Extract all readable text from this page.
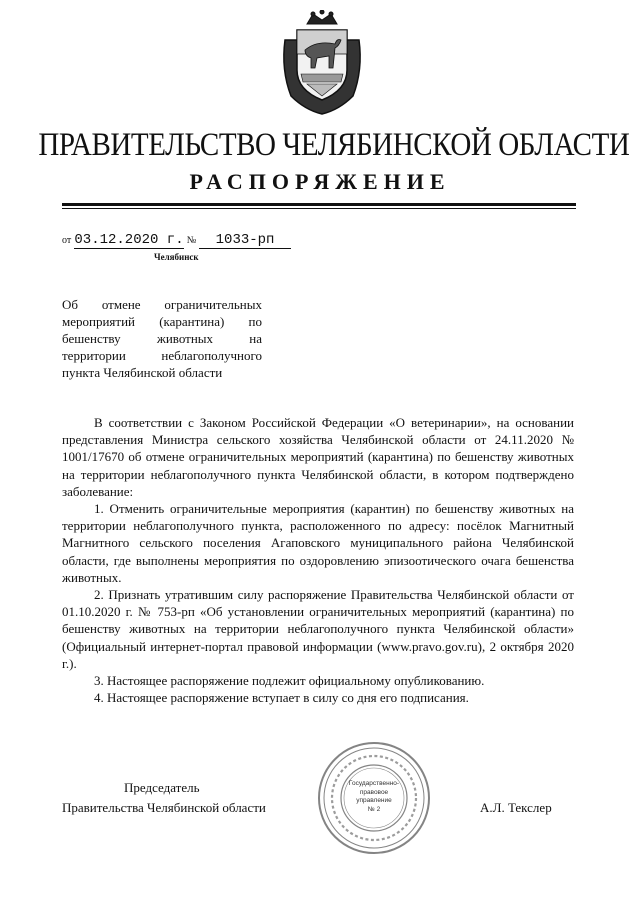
ПРАВИТЕЛЬСТВО ЧЕЛЯБИНСКОЙ ОБЛАСТИ
РАСПОРЯЖЕНИЕ
от 03.12.2020 г. № 1033-рп
Челябинск
Об отмене ограничительных мероприятий (карантина) по бешенству животных на территории неблагополучного пункта Челябинской области

В соответствии с Законом Российской Федерации «О ветеринарии», на основании представления Министра сельского хозяйства Челябинской области от 24.11.2020 № 1001/17670 об отмене ограничительных мероприятий (карантина) по бешенству животных на территории неблагополучного пункта Челябинской области, в котором подтверждено заболевание:

1. Отменить ограничительные мероприятия (карантин) по бешенству животных на территории неблагополучного пункта, расположенного по адресу: посёлок Магнитный Магнитного сельского поселения Агаповского муниципального района Челябинской области, где выполнены мероприятия по оздоровлению эпизоотического очага бешенства животных.

2. Признать утратившим силу распоряжение Правительства Челябинской области от 01.10.2020 г. № 753-рп «Об установлении ограничительных мероприятий (карантина) по бешенству животных на территории неблагополучного пункта Челябинской области» (Официальный интернет-портал правовой информации (www.pravo.gov.ru), 2 октября 2020 г.).

3. Настоящее распоряжение подлежит официальному опубликованию.

4. Настоящее распоряжение вступает в силу со дня его подписания.

Государственно-
правовое
управление
№ 2
Председатель
Правительства Челябинской области	А.Л. Текслер
